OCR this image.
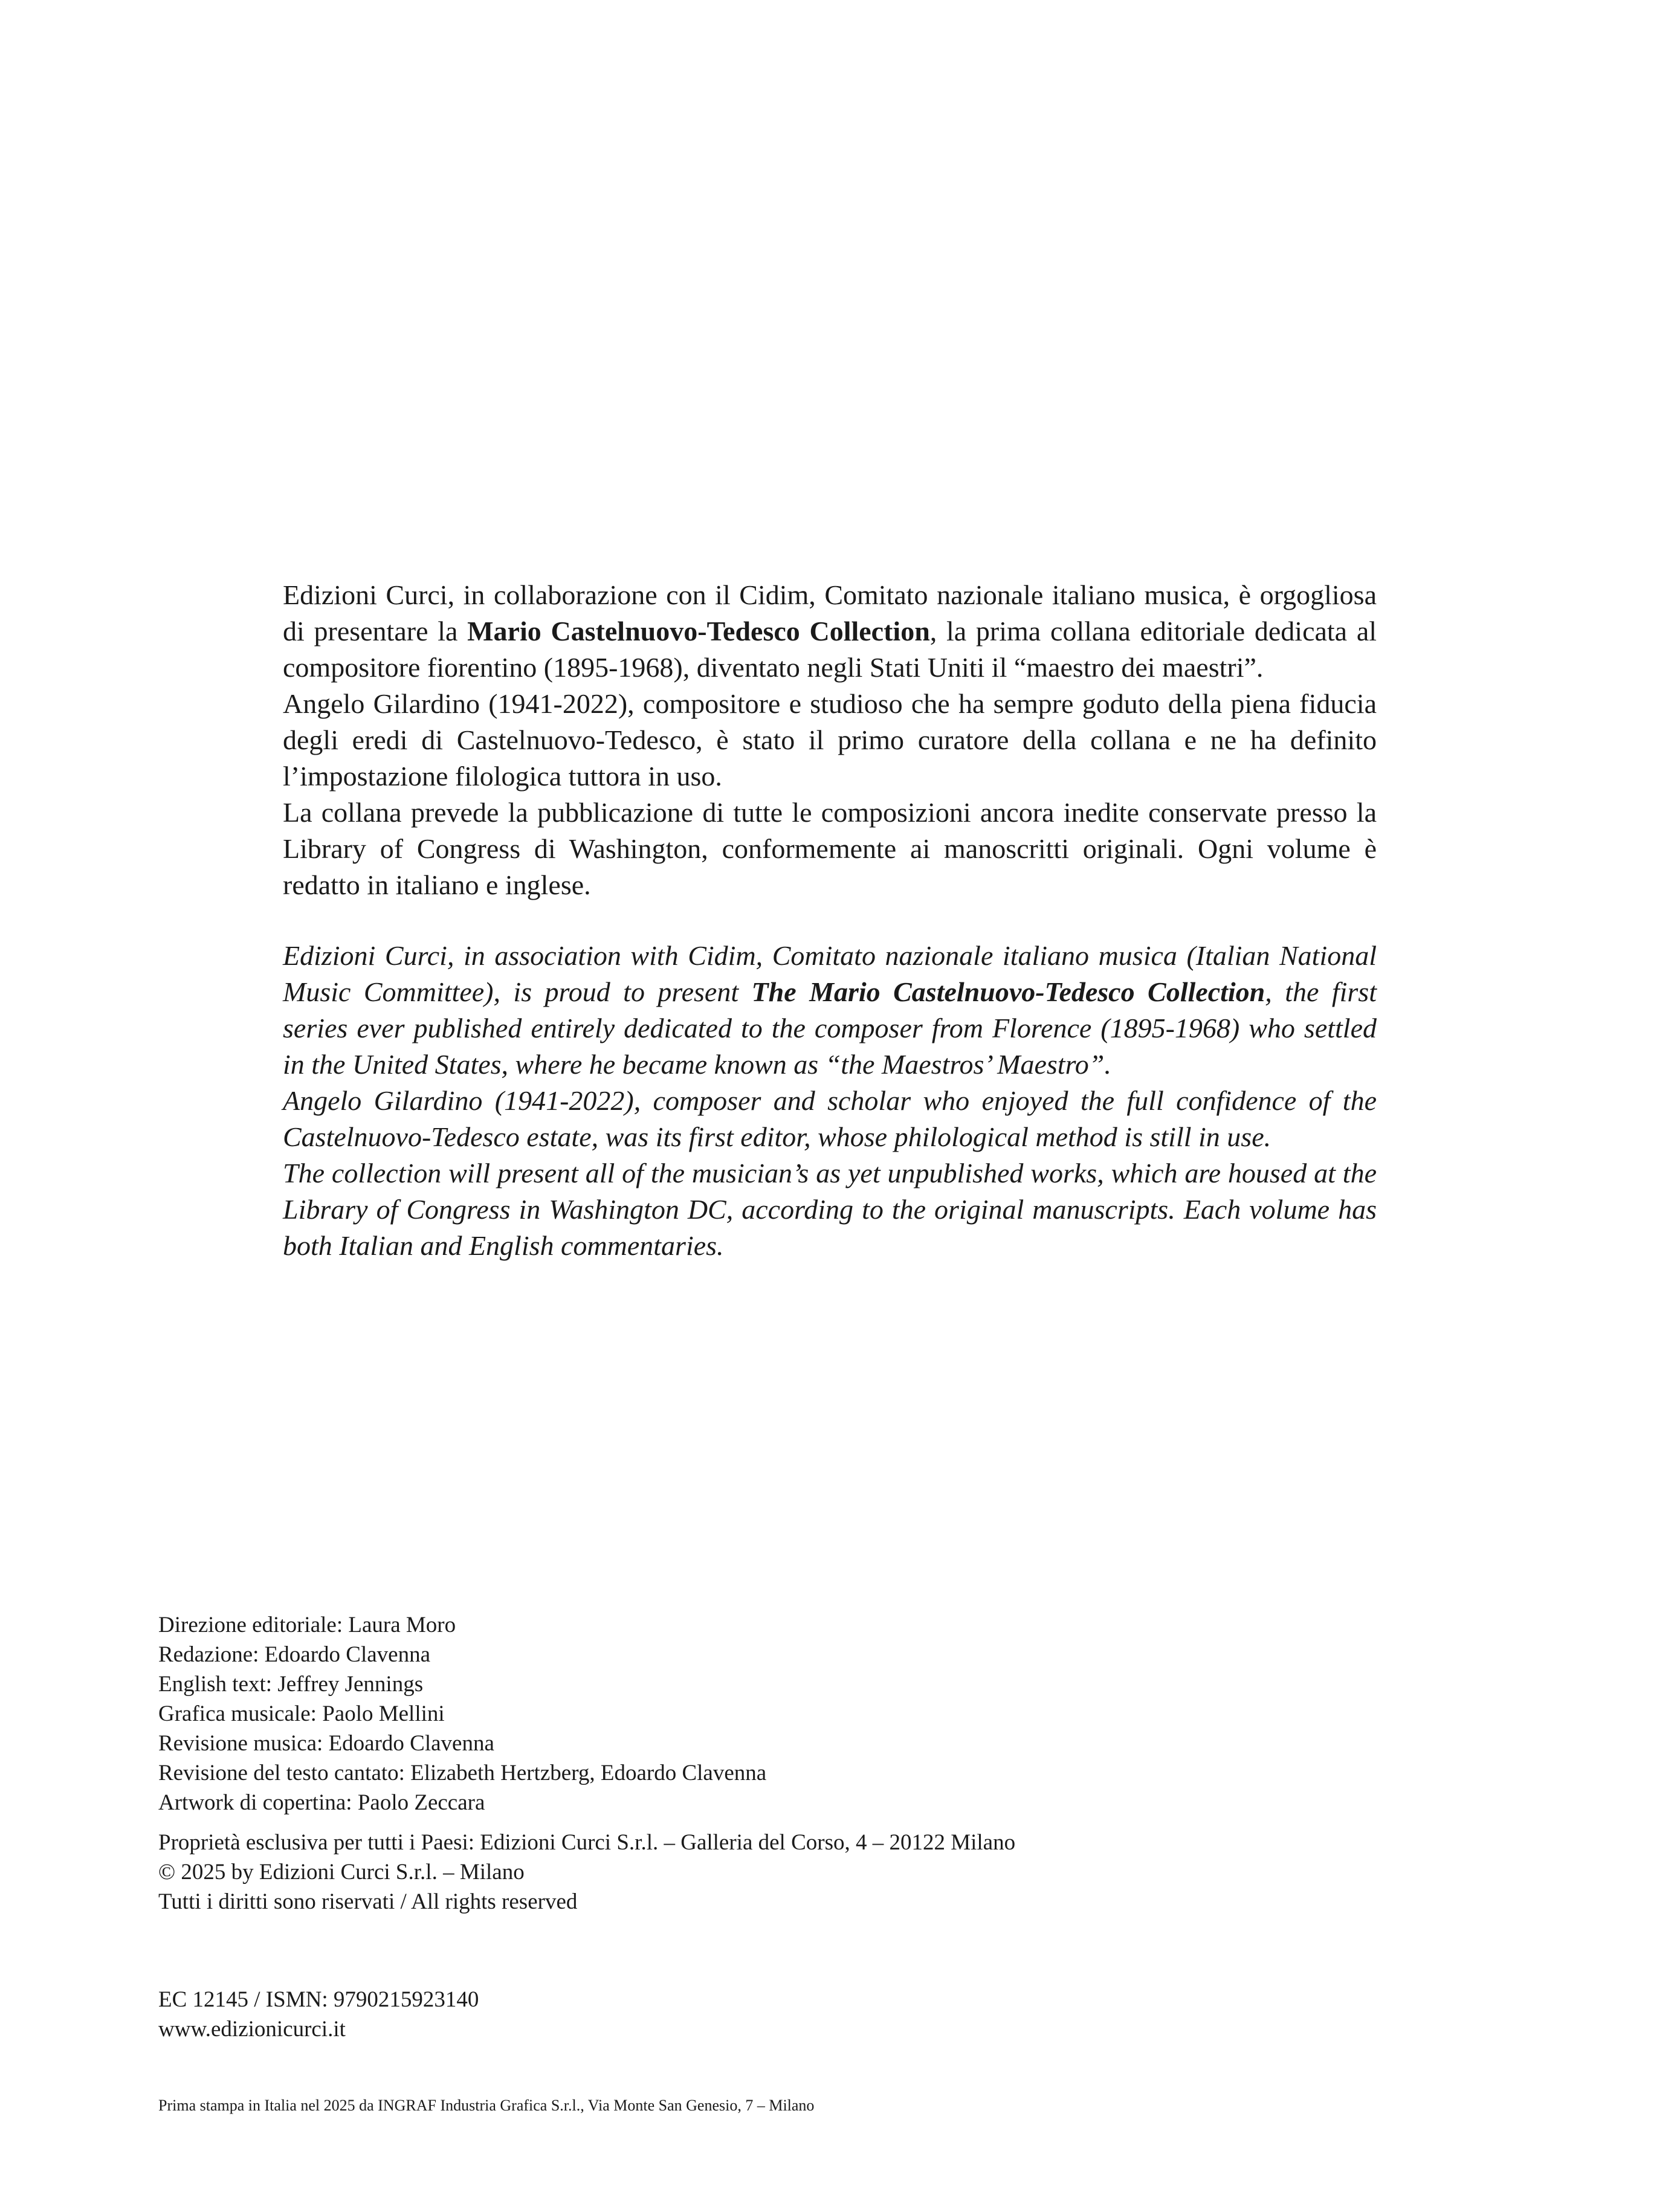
Edizioni Curci, in collaborazione con il Cidim, Comitato nazionale italiano musica, è orgogliosa di presentare la Mario Castelnuovo-Tedesco Collection, la prima collana editoriale dedicata al compositore fiorentino (1895-1968), diventato negli Stati Uniti il “maestro dei maestri”.

Angelo Gilardino (1941-2022), compositore e studioso che ha sempre goduto della piena fiducia degli eredi di Castelnuovo-Tedesco, è stato il primo curatore della collana e ne ha definito l’impostazione filologica tuttora in uso.

La collana prevede la pubblicazione di tutte le composizioni ancora inedite conservate presso la Library of Congress di Washington, conformemente ai manoscritti originali. Ogni volume è redatto in italiano e inglese.

Edizioni Curci, in association with Cidim, Comitato nazionale italiano musica (Italian National Music Committee), is proud to present The Mario Castelnuovo-Tedesco Collection, the first series ever published entirely dedicated to the composer from Florence (1895-1968) who settled in the United States, where he became known as “the Maestros’ Maestro”.

Angelo Gilardino (1941-2022), composer and scholar who enjoyed the full confidence of the Castelnuovo-Tedesco estate, was its first editor, whose philological method is still in use.

The collection will present all of the musician’s as yet unpublished works, which are housed at the Library of Congress in Washington DC, according to the original manuscripts. Each volume has both Italian and English commentaries.

Direzione editoriale: Laura Moro
Redazione: Edoardo Clavenna
English text: Jeffrey Jennings
Grafica musicale: Paolo Mellini
Revisione musica: Edoardo Clavenna
Revisione del testo cantato: Elizabeth Hertzberg, Edoardo Clavenna
Artwork di copertina: Paolo Zeccara
Proprietà esclusiva per tutti i Paesi: Edizioni Curci S.r.l. – Galleria del Corso, 4 – 20122 Milano
© 2025 by Edizioni Curci S.r.l. – Milano
Tutti i diritti sono riservati / All rights reserved
EC 12145 / ISMN: 9790215923140
www.edizionicurci.it
Prima stampa in Italia nel 2025 da INGRAF Industria Grafica S.r.l., Via Monte San Genesio, 7 – Milano
